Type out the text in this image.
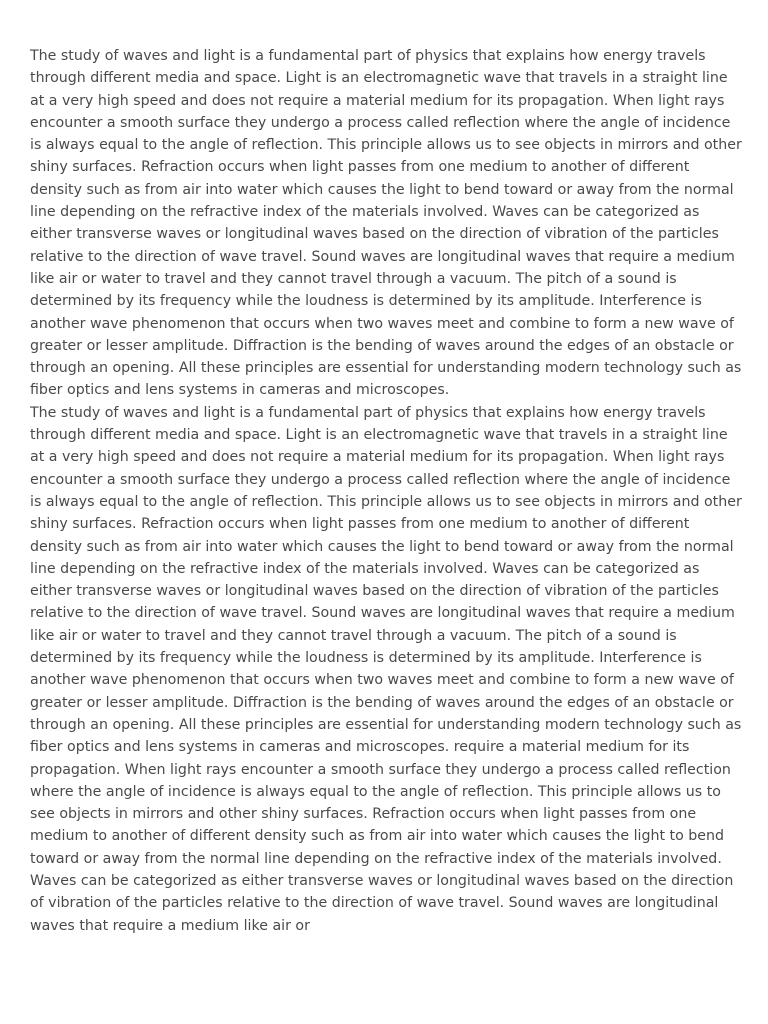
The study of waves and light is a fundamental part of physics that explains how energy travels through different media and space. Light is an electromagnetic wave that travels in a straight line at a very high speed and does not require a material medium for its propagation. When light rays encounter a smooth surface they undergo a process called reflection where the angle of incidence is always equal to the angle of reflection. This principle allows us to see objects in mirrors and other shiny surfaces. Refraction occurs when light passes from one medium to another of different density such as from air into water which causes the light to bend toward or away from the normal line depending on the refractive index of the materials involved. Waves can be categorized as either transverse waves or longitudinal waves based on the direction of vibration of the particles relative to the direction of wave travel. Sound waves are longitudinal waves that require a medium like air or water to travel and they cannot travel through a vacuum. The pitch of a sound is determined by its frequency while the loudness is determined by its amplitude. Interference is another wave phenomenon that occurs when two waves meet and combine to form a new wave of greater or lesser amplitude. Diffraction is the bending of waves around the edges of an obstacle or through an opening. All these principles are essential for understanding modern technology such as fiber optics and lens systems in cameras and microscopes.

The study of waves and light is a fundamental part of physics that explains how energy travels through different media and space. Light is an electromagnetic wave that travels in a straight line at a very high speed and does not require a material medium for its propagation. When light rays encounter a smooth surface they undergo a process called reflection where the angle of incidence is always equal to the angle of reflection. This principle allows us to see objects in mirrors and other shiny surfaces. Refraction occurs when light passes from one medium to another of different density such as from air into water which causes the light to bend toward or away from the normal line depending on the refractive index of the materials involved. Waves can be categorized as either transverse waves or longitudinal waves based on the direction of vibration of the particles relative to the direction of wave travel. Sound waves are longitudinal waves that require a medium like air or water to travel and they cannot travel through a vacuum. The pitch of a sound is determined by its frequency while the loudness is determined by its amplitude. Interference is another wave phenomenon that occurs when two waves meet and combine to form a new wave of greater or lesser amplitude. Diffraction is the bending of waves around the edges of an obstacle or through an opening. All these principles are essential for understanding modern technology such as fiber optics and lens systems in cameras and microscopes. require a material medium for its propagation. When light rays encounter a smooth surface they undergo a process called reflection where the angle of incidence is always equal to the angle of reflection. This principle allows us to see objects in mirrors and other shiny surfaces. Refraction occurs when light passes from one medium to another of different density such as from air into water which causes the light to bend toward or away from the normal line depending on the refractive index of the materials involved. Waves can be categorized as either transverse waves or longitudinal waves based on the direction of vibration of the particles relative to the direction of wave travel. Sound waves are longitudinal waves that require a medium like air or
